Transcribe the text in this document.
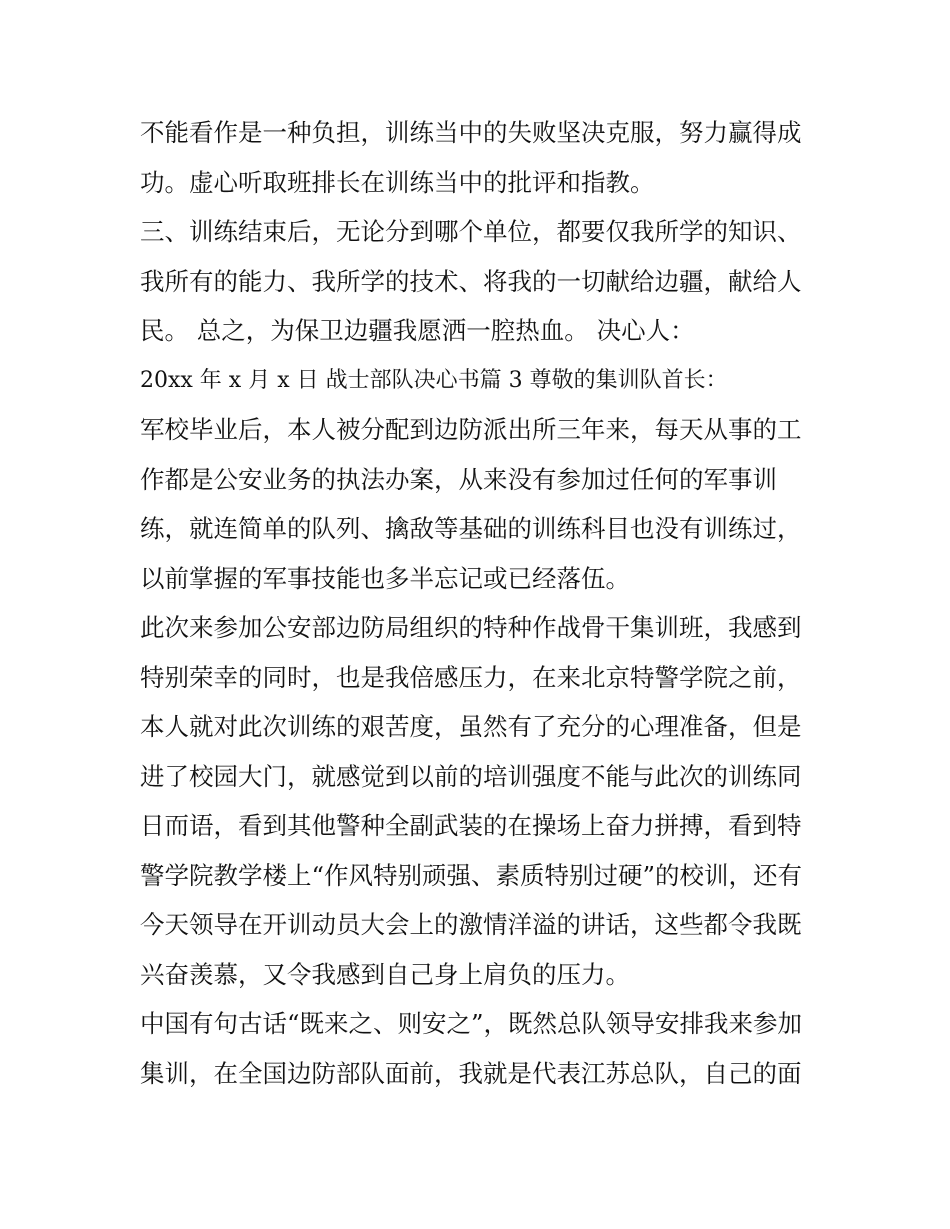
不能看作是一种负担，训练当中的失败坚决克服，努力赢得成

功。虚心听取班排长在训练当中的批评和指教。

三、训练结束后，无论分到哪个单位，都要仅我所学的知识、

我所有的能力、我所学的技术、将我的一切献给边疆，献给人

民。 总之，为保卫边疆我愿洒一腔热血。 决心人：

20xx 年 x 月 x 日 战士部队决心书篇 3 尊敬的集训队首长：

军校毕业后，本人被分配到边防派出所三年来，每天从事的工

作都是公安业务的执法办案，从来没有参加过任何的军事训

练，就连简单的队列、擒敌等基础的训练科目也没有训练过，

以前掌握的军事技能也多半忘记或已经落伍。

此次来参加公安部边防局组织的特种作战骨干集训班，我感到

特别荣幸的同时，也是我倍感压力，在来北京特警学院之前，

本人就对此次训练的艰苦度，虽然有了充分的心理准备，但是

进了校园大门，就感觉到以前的培训强度不能与此次的训练同

日而语，看到其他警种全副武装的在操场上奋力拼搏，看到特

警学院教学楼上“作风特别顽强、素质特别过硬”的校训，还有

今天领导在开训动员大会上的激情洋溢的讲话，这些都令我既

兴奋羡慕，又令我感到自己身上肩负的压力。

中国有句古话“既来之、则安之”，既然总队领导安排我来参加

集训，在全国边防部队面前，我就是代表江苏总队，自己的面
